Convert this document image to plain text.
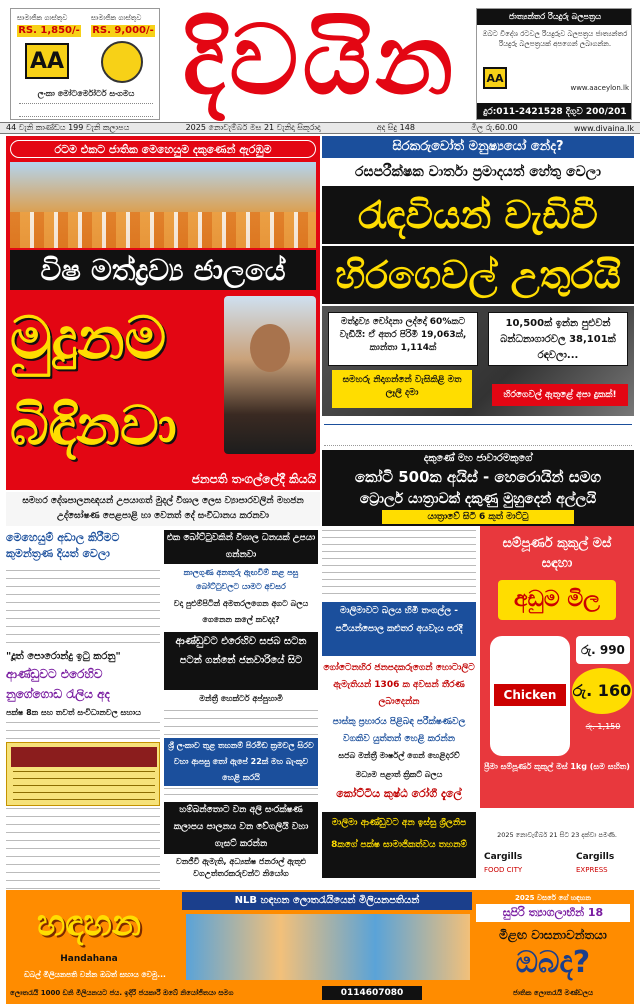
සාමාජික ගාස්තුව	සාමාජික ගාස්තුව
RS. 1,850/- RS. 9,000/-
AA
ලංකා මෝටර්මෝටර් සංගමය දිවයින	ජාත්‍යන්තර රියදුරු බලපත්‍රය
ඔබට විදේශ රටවල රියදුරුව බලපත්‍රය ජාත්‍යන්තර රියදුරු බලපත්‍රයක් අපගෙන් ලබාගන්න.
AA
www.aaceylon.lk
දුර:011-2421528 දිගුව 200/201
44 වැනි කාණ්ඩය 199 වැනි කලාපය	2025 නොවැම්බර් මස 21 වැනිදා සිකුරාදා	අද සිදු 148	මිල රු.60.00	www.divaina.lk
රටම එකට ජාතික මෙහෙයුම දකුණෙන් ඇරඹුම
විෂ මත්ද්‍රව්‍ය ජාලයේ
මුදුනම
බිඳිනවා
ජනපති තංගල්ලේදී කියයි
සමහර දේශපාලනඥයන් උපයාගත් මුදල් විශාල ලෙස ව්‍යාපාරවලින් මහජන උද්ඝෝෂණ පෙළපාළි හා වෙනත් දේ සංවිධානය කරනවා
සිරකරුවෝත් මනුෂ්‍යයෝ නේද?
රසපරීක්ෂක වාර්තා ප්‍රමාදයත් හේතු වෙලා
රැඳවියන් වැඩිවී
හිරගෙවල් උතුරයි
මත්ද්‍රව්‍ය චෝදනා ලද්දෝ 60%කට වැඩියි: ඒ අතර පිරිමි 19,063ක්, කාන්තා 1,114ක්
සමහරු නිදාගන්නේ වැසිකිළි මත ලෑලි දමා
10,500ක් ඉන්න පුළුවන් බන්ධනාගාරවල 38,101ක් රඳවලා...
හිරගෙවල් ඇතුළේ අපා දුකක්!
දකුණේ මහ ජාවාරමකුගේ
කෝටි 500ක අයිස් - හෙරොයින් සමග
ට්‍රොලර් යාත්‍රාවක් දකුණු මුහුදෙන් අල්ලයි
යාත්‍රාවේ සිටි 6 කුත් මාට්ටු
මෙහෙයුම් අඩාල කිරීමට කුමන්ත්‍රණ දියත් වෙලා
"දූත් පොරොන්දු ඉටු කරනු"
ආණ්ඩුවට එරෙහිව නුගේගොඩ රැලිය අද
පක්ෂ 8ක සහ තවත් සංවිධානවල සහාය
එක බෝට්ටුවකින් විශාල ධනයක් උපයා ගන්නවා
කාලගුණ අනතුරු ඇඟවීම් කළ පසු බෝට්ටුවලට යාමට අවසර
වදා පුළුම්පිටින් අමතරලගෙන අගට බලය ගෙනෙන කලේ කවදාද?
ආණ්ඩුවට එරෙහිව සජබ සටන පටන් ගන්නේ ජනවාරියේ සිට
මන්ත්‍රී හෙක්ටර් අප්පුහාමි
ශ්‍රී ලංකාව තුළ තහනම් පිරමිඩ ක්‍රමවල සිරව වහා ආපසු තෝ ඇපේ 22ක් මහ බැංකුව හෙළි කරයි
හම්බන්තොට වන අලි සංරක්ෂණ කලාපය පාලනය වන වේගලියි වහා ගැසට් කරන්න
වනජීවී ඇමැති, අධ්‍යක්ෂ ජනරාල් ඇතුළු වගඋත්තරකරුවන්ට නියෝග
මාලිමාවට බලය හිමි තංගල්ල - පටියන්පොල කළුතර අයවැය පරදී
ගෝටෙනහිර ජනපදකරුගෙන් හොටාලිට ඇමැතියන් 1306 ක අවසන් තීරණ ලබාදෙන්න
පාස්කු ප්‍රහාරය පිළිබඳ පරීක්ෂණවල වගකිව යුත්තන් හෙළි කරන්න
සජබ මන්ත්‍රී මාර්ෂල් ගෙන් හෙළිදරව්
මධ්‍යම පළාත් ක්‍රිකට් බලය
කෝට්ටිය කුෂ්ඨ රෝගී දැලේ
මාලිමා ආණ්ඩුවට අන ඉස්සු ශ්‍රීලනිප 8ක‍ගේ පක්ෂ සාමාජිකත්වය තහනම්
සම්පූර්ණ කුකුල් මස් සඳහා
අඩුම මිල
Chicken
රු. 990
රු. 160
රු. 1,150
ප්‍රීමා සම්පූර්ණ කුකුල් මස් 1kg (සම සහිත)
2025 නොවැම්බර් 21 සිට 23 දක්වා පමණි.
Cargills
FOOD CITY
Cargills
EXPRESS
හඳහන
Handahana
ඩබල් මිලියනපති වන්න ඔබත් සහාය වෙමු...
NLB හඳහන ලොතරැයියෙන් මිලියනපතියන්	2025 වසරේ ගේ හඳහන
සුපිරි ත්‍යාගලාභීන් 18
මිළඟ වාසනාවන්තයා
ඔබද?
ලොතරැයි 1000 ඩනි මිලියනයට ජය. ඉදිරි ජයකාරී ඔබේ නියෝජිතයා සමග	0114607080	ජාතික ලොතරැයි මණ්ඩලය
